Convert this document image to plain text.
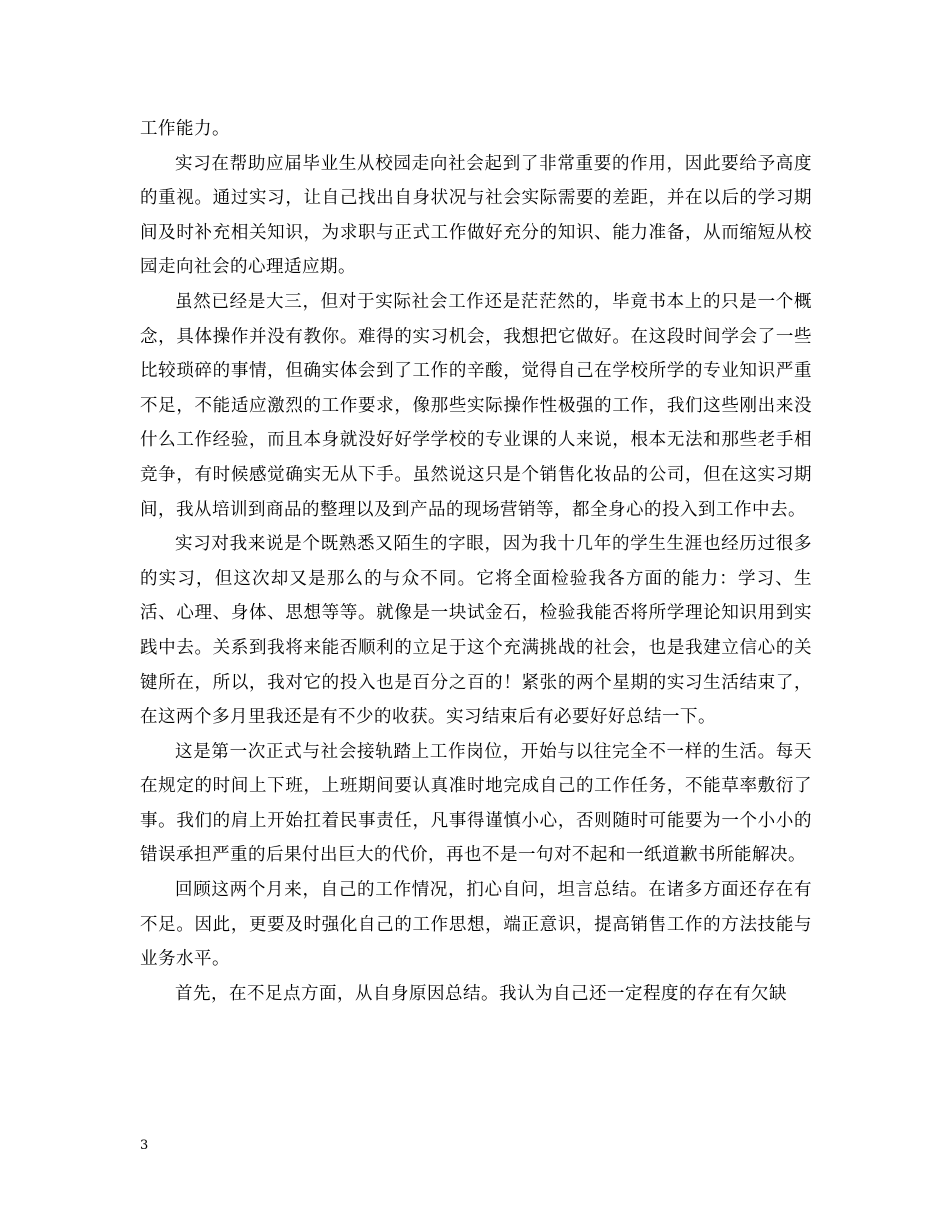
工作能力。

实习在帮助应届毕业生从校园走向社会起到了非常重要的作用，因此要给予高度的重视。通过实习，让自己找出自身状况与社会实际需要的差距，并在以后的学习期间及时补充相关知识，为求职与正式工作做好充分的知识、能力准备，从而缩短从校园走向社会的心理适应期。

虽然已经是大三，但对于实际社会工作还是茫茫然的，毕竟书本上的只是一个概念，具体操作并没有教你。难得的实习机会，我想把它做好。在这段时间学会了一些比较琐碎的事情，但确实体会到了工作的辛酸，觉得自己在学校所学的专业知识严重不足，不能适应激烈的工作要求，像那些实际操作性极强的工作，我们这些刚出来没什么工作经验，而且本身就没好好学学校的专业课的人来说，根本无法和那些老手相竞争，有时候感觉确实无从下手。虽然说这只是个销售化妆品的公司，但在这实习期间，我从培训到商品的整理以及到产品的现场营销等，都全身心的投入到工作中去。

实习对我来说是个既熟悉又陌生的字眼，因为我十几年的学生生涯也经历过很多的实习，但这次却又是那么的与众不同。它将全面检验我各方面的能力：学习、生活、心理、身体、思想等等。就像是一块试金石，检验我能否将所学理论知识用到实践中去。关系到我将来能否顺利的立足于这个充满挑战的社会，也是我建立信心的关键所在，所以，我对它的投入也是百分之百的！紧张的两个星期的实习生活结束了，在这两个多月里我还是有不少的收获。实习结束后有必要好好总结一下。

这是第一次正式与社会接轨踏上工作岗位，开始与以往完全不一样的生活。每天在规定的时间上下班，上班期间要认真准时地完成自己的工作任务，不能草率敷衍了事。我们的肩上开始扛着民事责任，凡事得谨慎小心，否则随时可能要为一个小小的错误承担严重的后果付出巨大的代价，再也不是一句对不起和一纸道歉书所能解决。

回顾这两个月来，自己的工作情况，扪心自问，坦言总结。在诸多方面还存在有不足。因此，更要及时强化自己的工作思想，端正意识，提高销售工作的方法技能与业务水平。

首先，在不足点方面，从自身原因总结。我认为自己还一定程度的存在有欠缺

3
